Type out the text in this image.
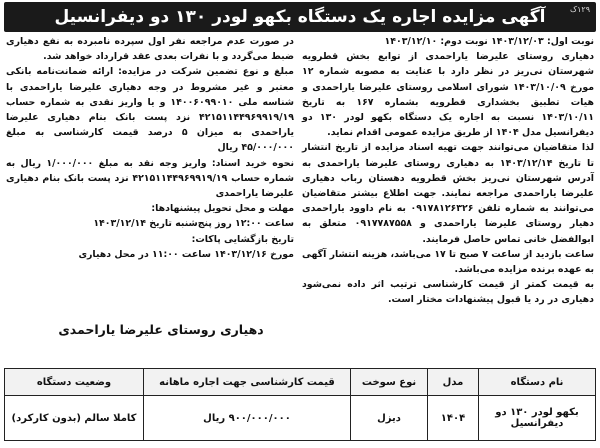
۱۲۹ک
آگهی مزایده اجاره یک دستگاه بکهو لودر ۱۳۰ دو دیفرانسیل

نوبت اول: ۱۴۰۳/۱۲/۰۳ نوبت دوم: ۱۴۰۳/۱۲/۱۰

دهیاری روستای علیرضا یاراحمدی از توابع بخش قطرویه شهرستان نی‌ریز در نظر دارد با عنایت به مصوبه شماره ۱۲ مورخ ۱۴۰۳/۱۰/۰۹ شورای اسلامی روستای علیرضا یاراحمدی و هیات تطبیق بخشداری قطرویه بشماره ۱۶۷ به تاریخ ۱۴۰۳/۱۰/۱۱ نسبت به اجاره یک دستگاه بکهو لودر ۱۳۰ دو دیفرانسیل مدل ۱۴۰۴ از طریق مزایده عمومی اقدام نماید.

لذا متقاضیان می‌توانند جهت تهیه اسناد مزایده از تاریخ انتشار تا تاریخ ۱۴۰۳/۱۲/۱۴ به دهیاری روستای علیرضا یاراحمدی به آدرس شهرستان نی‌ریز بخش قطرویه دهستان رباب دهیاری علیرضا یاراحمدی مراجعه نمایند. جهت اطلاع بیشتر متقاضیان می‌توانند به شماره تلفن ۰۹۱۷۸۱۲۶۳۲۶ به نام داوود یاراحمدی دهیار روستای علیرضا یاراحمدی و ۰۹۱۷۷۸۷۵۵۸ متعلق به ابوالفضل خانی تماس حاصل فرمایند.

ساعت بازدید از ساعت ۷ صبح تا ۱۷ می‌باشد، هزینه انتشار آگهی به عهده برنده مزایده می‌باشد.

به قیمت کمتر از قیمت کارشناسی ترتیب اثر داده نمی‌شود دهیاری در رد یا قبول پیشنهادات مختار است.

در صورت عدم مراجعه نفر اول سپرده نامبرده به نفع دهیاری ضبط می‌گردد و با نفرات بعدی عقد قرارداد خواهد شد.

مبلغ و نوع تضمین شرکت در مزایده: ارائه ضمانت‌نامه بانکی معتبر و غیر مشروط در وجه دهیاری علیرضا یاراحمدی با شناسه ملی ۱۴۰۰۶۰۹۹۰۱۰ و یا واریز نقدی به شماره حساب ۴۲۱۵۱۱۴۴۹۶۹۹۱۹/۱۹ نزد پست بانک بنام دهیاری علیرضا یاراحمدی به میزان ۵ درصد قیمت کارشناسی به مبلغ ۴۵/۰۰۰/۰۰۰ ریال

نحوه خرید اسناد: واریز وجه نقد به مبلغ ۱/۰۰۰/۰۰۰ ریال به شماره حساب ۴۲۱۵۱۱۴۴۹۶۹۹۱۹/۱۹ نزد پست بانک بنام دهیاری علیرضا یاراحمدی

مهلت و محل تحویل پیشنهادها:

ساعت ۱۲:۰۰ روز پنج‌شنبه تاریخ ۱۴۰۳/۱۲/۱۴

تاریخ بازگشایی پاکات:

مورخ ۱۴۰۳/۱۲/۱۶ ساعت ۱۱:۰۰ در محل دهیاری

دهیاری روستای علیرضا یاراحمدی
نام دستگاه	مدل	نوع سوخت	قیمت کارشناسی جهت اجاره ماهانه	وضعیت دستگاه
بکهو لودر ۱۳۰ دو دیفرانسیل	۱۴۰۴	دیزل	۹۰۰/۰۰۰/۰۰۰ ریال	کاملا سالم (بدون کارکرد)
